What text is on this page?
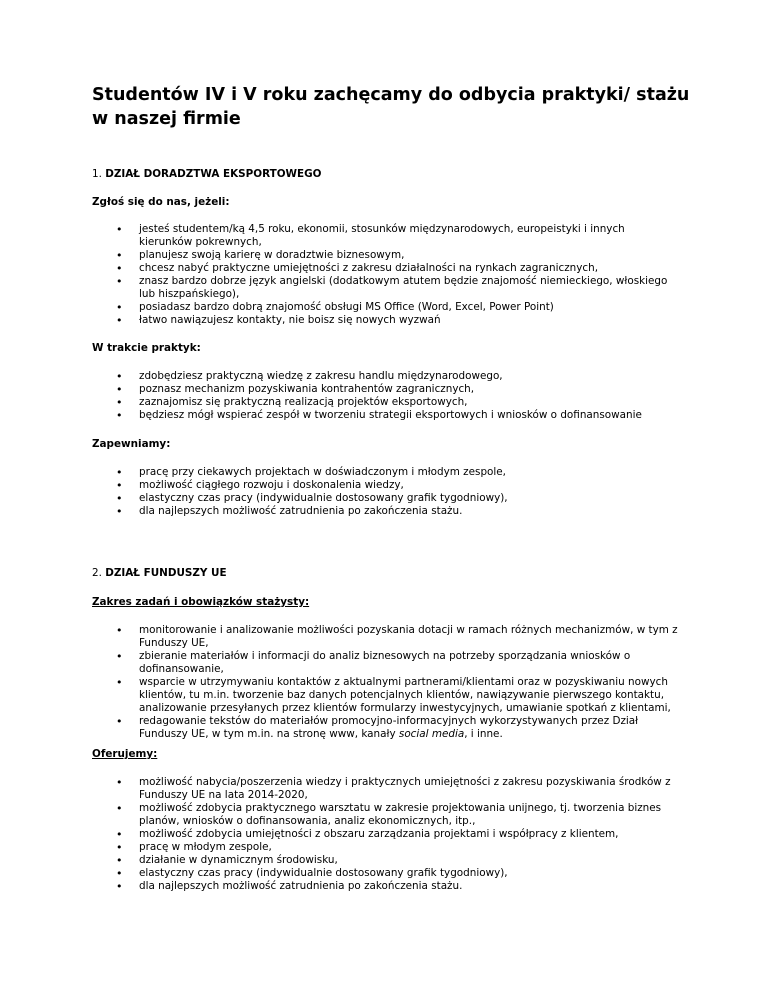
Studentów IV i V roku zachęcamy do odbycia praktyki/ stażu w naszej firmie

1. DZIAŁ DORADZTWA EKSPORTOWEGO

Zgłoś się do nas, jeżeli:

• jesteś studentem/ką 4,5 roku, ekonomii, stosunków międzynarodowych, europeistyki i innych kierunków pokrewnych,
• planujesz swoją karierę w doradztwie biznesowym,
• chcesz nabyć praktyczne umiejętności z zakresu działalności na rynkach zagranicznych,
• znasz bardzo dobrze język angielski (dodatkowym atutem będzie znajomość niemieckiego, włoskiego lub hiszpańskiego),
• posiadasz bardzo dobrą znajomość obsługi MS Office (Word, Excel, Power Point)
• łatwo nawiązujesz kontakty, nie boisz się nowych wyzwań

W trakcie praktyk:

• zdobędziesz praktyczną wiedzę z zakresu handlu międzynarodowego,
• poznasz mechanizm pozyskiwania kontrahentów zagranicznych,
• zaznajomisz się praktyczną realizacją projektów eksportowych,
• będziesz mógł wspierać zespół w tworzeniu strategii eksportowych i wniosków o dofinansowanie

Zapewniamy:

• pracę przy ciekawych projektach w doświadczonym i młodym zespole,
• możliwość ciągłego rozwoju i doskonalenia wiedzy,
• elastyczny czas pracy (indywidualnie dostosowany grafik tygodniowy),
• dla najlepszych możliwość zatrudnienia po zakończenia stażu.

2. DZIAŁ FUNDUSZY UE

Zakres zadań i obowiązków stażysty:

• monitorowanie i analizowanie możliwości pozyskania dotacji w ramach różnych mechanizmów, w tym z Funduszy UE,
• zbieranie materiałów i informacji do analiz biznesowych na potrzeby sporządzania wniosków o dofinansowanie,
• wsparcie w utrzymywaniu kontaktów z aktualnymi partnerami/klientami oraz w pozyskiwaniu nowych klientów, tu m.in. tworzenie baz danych potencjalnych klientów, nawiązywanie pierwszego kontaktu, analizowanie przesyłanych przez klientów formularzy inwestycyjnych, umawianie spotkań z klientami,
• redagowanie tekstów do materiałów promocyjno-informacyjnych wykorzystywanych przez Dział Funduszy UE, w tym m.in. na stronę www, kanały social media, i inne.

Oferujemy:

• możliwość nabycia/poszerzenia wiedzy i praktycznych umiejętności z zakresu pozyskiwania środków z Funduszy UE na lata 2014-2020,
• możliwość zdobycia praktycznego warsztatu w zakresie projektowania unijnego, tj. tworzenia biznes planów, wniosków o dofinansowania, analiz ekonomicznych, itp.,
• możliwość zdobycia umiejętności z obszaru zarządzania projektami i współpracy z klientem,
• pracę w młodym zespole,
• działanie w dynamicznym środowisku,
• elastyczny czas pracy (indywidualnie dostosowany grafik tygodniowy),
• dla najlepszych możliwość zatrudnienia po zakończenia stażu.
